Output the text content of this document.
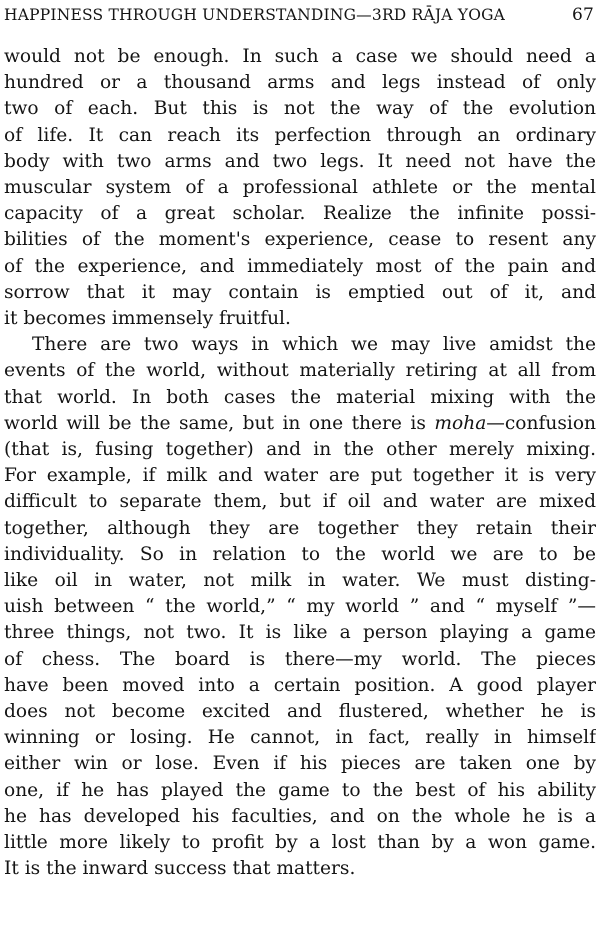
HAPPINESS THROUGH UNDERSTANDING—3RD RĀJA YOGA	67

would not be enough. In such a case we should need a
hundred or a thousand arms and legs instead of only
two of each. But this is not the way of the evolution
of life. It can reach its perfection through an ordinary
body with two arms and two legs. It need not have the
muscular system of a professional athlete or the mental
capacity of a great scholar. Realize the infinite possi-
bilities of the moment's experience, cease to resent any
of the experience, and immediately most of the pain and
sorrow that it may contain is emptied out of it, and
it becomes immensely fruitful.

There are two ways in which we may live amidst the
events of the world, without materially retiring at all from
that world. In both cases the material mixing with the
world will be the same, but in one there is moha—confusion
(that is, fusing together) and in the other merely mixing.
For example, if milk and water are put together it is very
difficult to separate them, but if oil and water are mixed
together, although they are together they retain their
individuality. So in relation to the world we are to be
like oil in water, not milk in water. We must disting-
uish between “ the world,” “ my world ” and “ myself ”—
three things, not two. It is like a person playing a game
of chess. The board is there—my world. The pieces
have been moved into a certain position. A good player
does not become excited and flustered, whether he is
winning or losing. He cannot, in fact, really in himself
either win or lose. Even if his pieces are taken one by
one, if he has played the game to the best of his ability
he has developed his faculties, and on the whole he is a
little more likely to profit by a lost than by a won game.
It is the inward success that matters.
